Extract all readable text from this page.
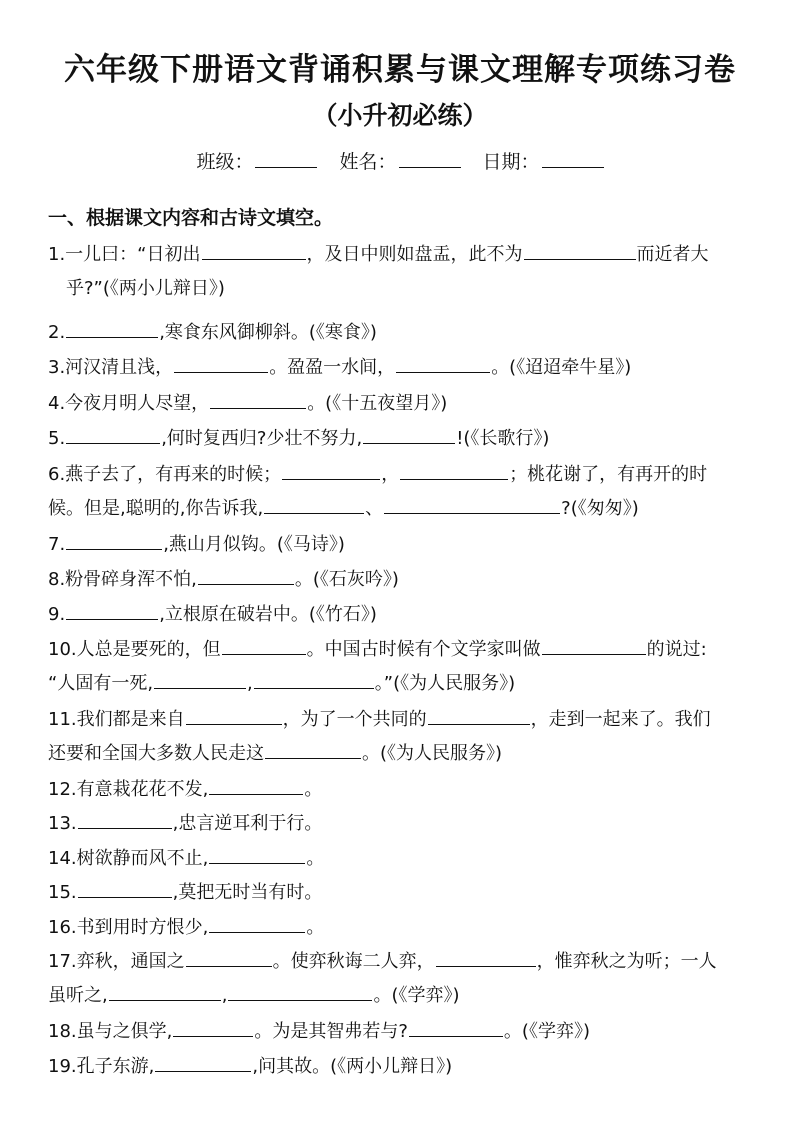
六年级下册语文背诵积累与课文理解专项练习卷
（小升初必练）
班级：	姓名：	日期：
一、根据课文内容和古诗文填空。
1.一儿曰：“日初出	，及日中则如盘盂，此不为	而近者大
乎?”(《两小儿辩日》)
2.	,寒食东风御柳斜。(《寒食》)
3.河汉清且浅，	。盈盈一水间，	。(《迢迢牵牛星》)
4.今夜月明人尽望，	。(《十五夜望月》)
5.	,何时复西归?少壮不努力,	!(《长歌行》)
6.燕子去了，有再来的时候；	，	；桃花谢了，有再开的时
候。但是,聪明的,你告诉我,	、	?(《匆匆》)
7.	,燕山月似钩。(《马诗》)
8.粉骨碎身浑不怕,	。(《石灰吟》)
9.	,立根原在破岩中。(《竹石》)
10.人总是要死的，但	。中国古时候有个文学家叫做	的说过:
“人固有一死,	,	。”(《为人民服务》)
11.我们都是来自	，为了一个共同的	，走到一起来了。我们
还要和全国大多数人民走这	。(《为人民服务》)
12.有意栽花花不发,	。
13.	,忠言逆耳利于行。
14.树欲静而风不止,	。
15.	,莫把无时当有时。
16.书到用时方恨少,	。
17.弈秋，通国之	。使弈秋诲二人弈，	，惟弈秋之为听；一人
虽听之,	,	。(《学弈》)
18.虽与之俱学,	。为是其智弗若与?	。(《学弈》)
19.孔子东游,	,问其故。(《两小儿辩日》)
